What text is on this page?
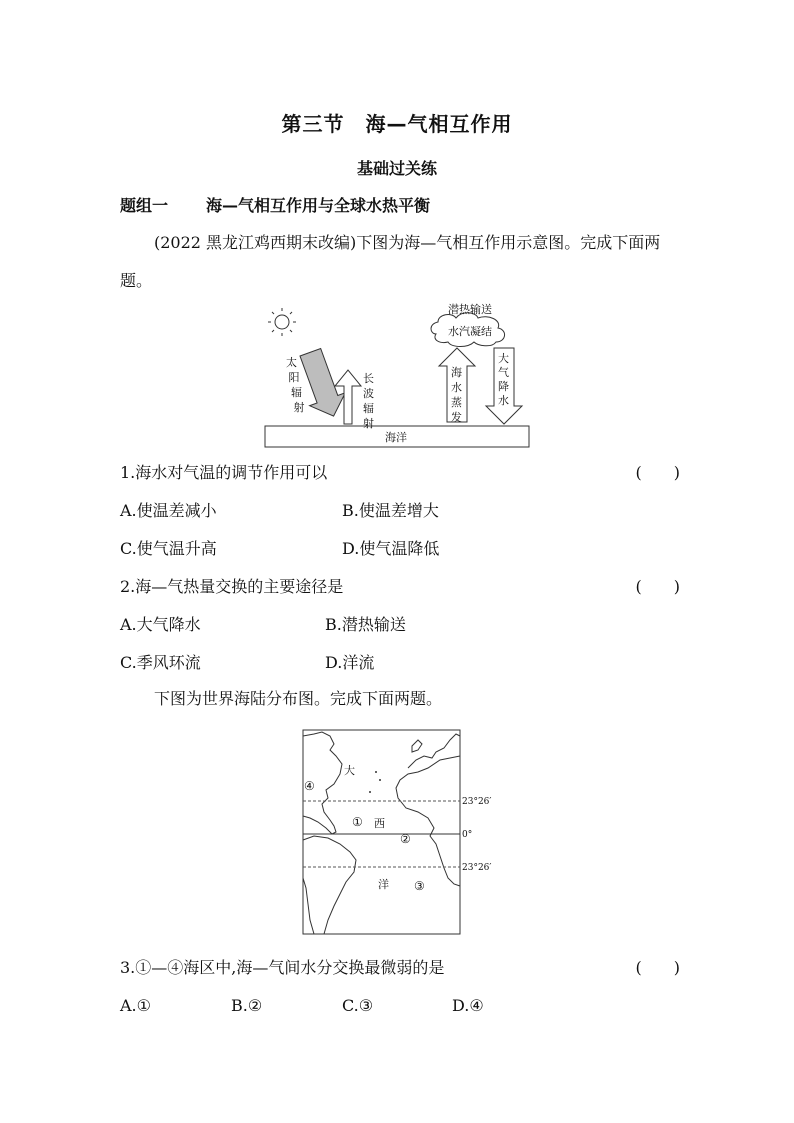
第三节　海—气相互作用
基础过关练
题组一 海—气相互作用与全球水热平衡
(2022 黑龙江鸡西期末改编)下图为海—气相互作用示意图。完成下面两题。
太阳辐射
长波辐射
海水蒸发
大气降水
潜热输送
水汽凝结
海洋
1.海水对气温的调节作用可以	(　　)
A.使温差减小	B.使温差增大
C.使气温升高	D.使气温降低
2.海—气热量交换的主要途径是	(　　)
A.大气降水	B.潜热输送
C.季风环流	D.洋流
下图为世界海陆分布图。完成下面两题。
23°26′
0°
23°26′
大
西
洋
①
②
③
④
3.①—④海区中,海—气间水分交换最微弱的是	(　　)
A.①	B.②	C.③	D.④
